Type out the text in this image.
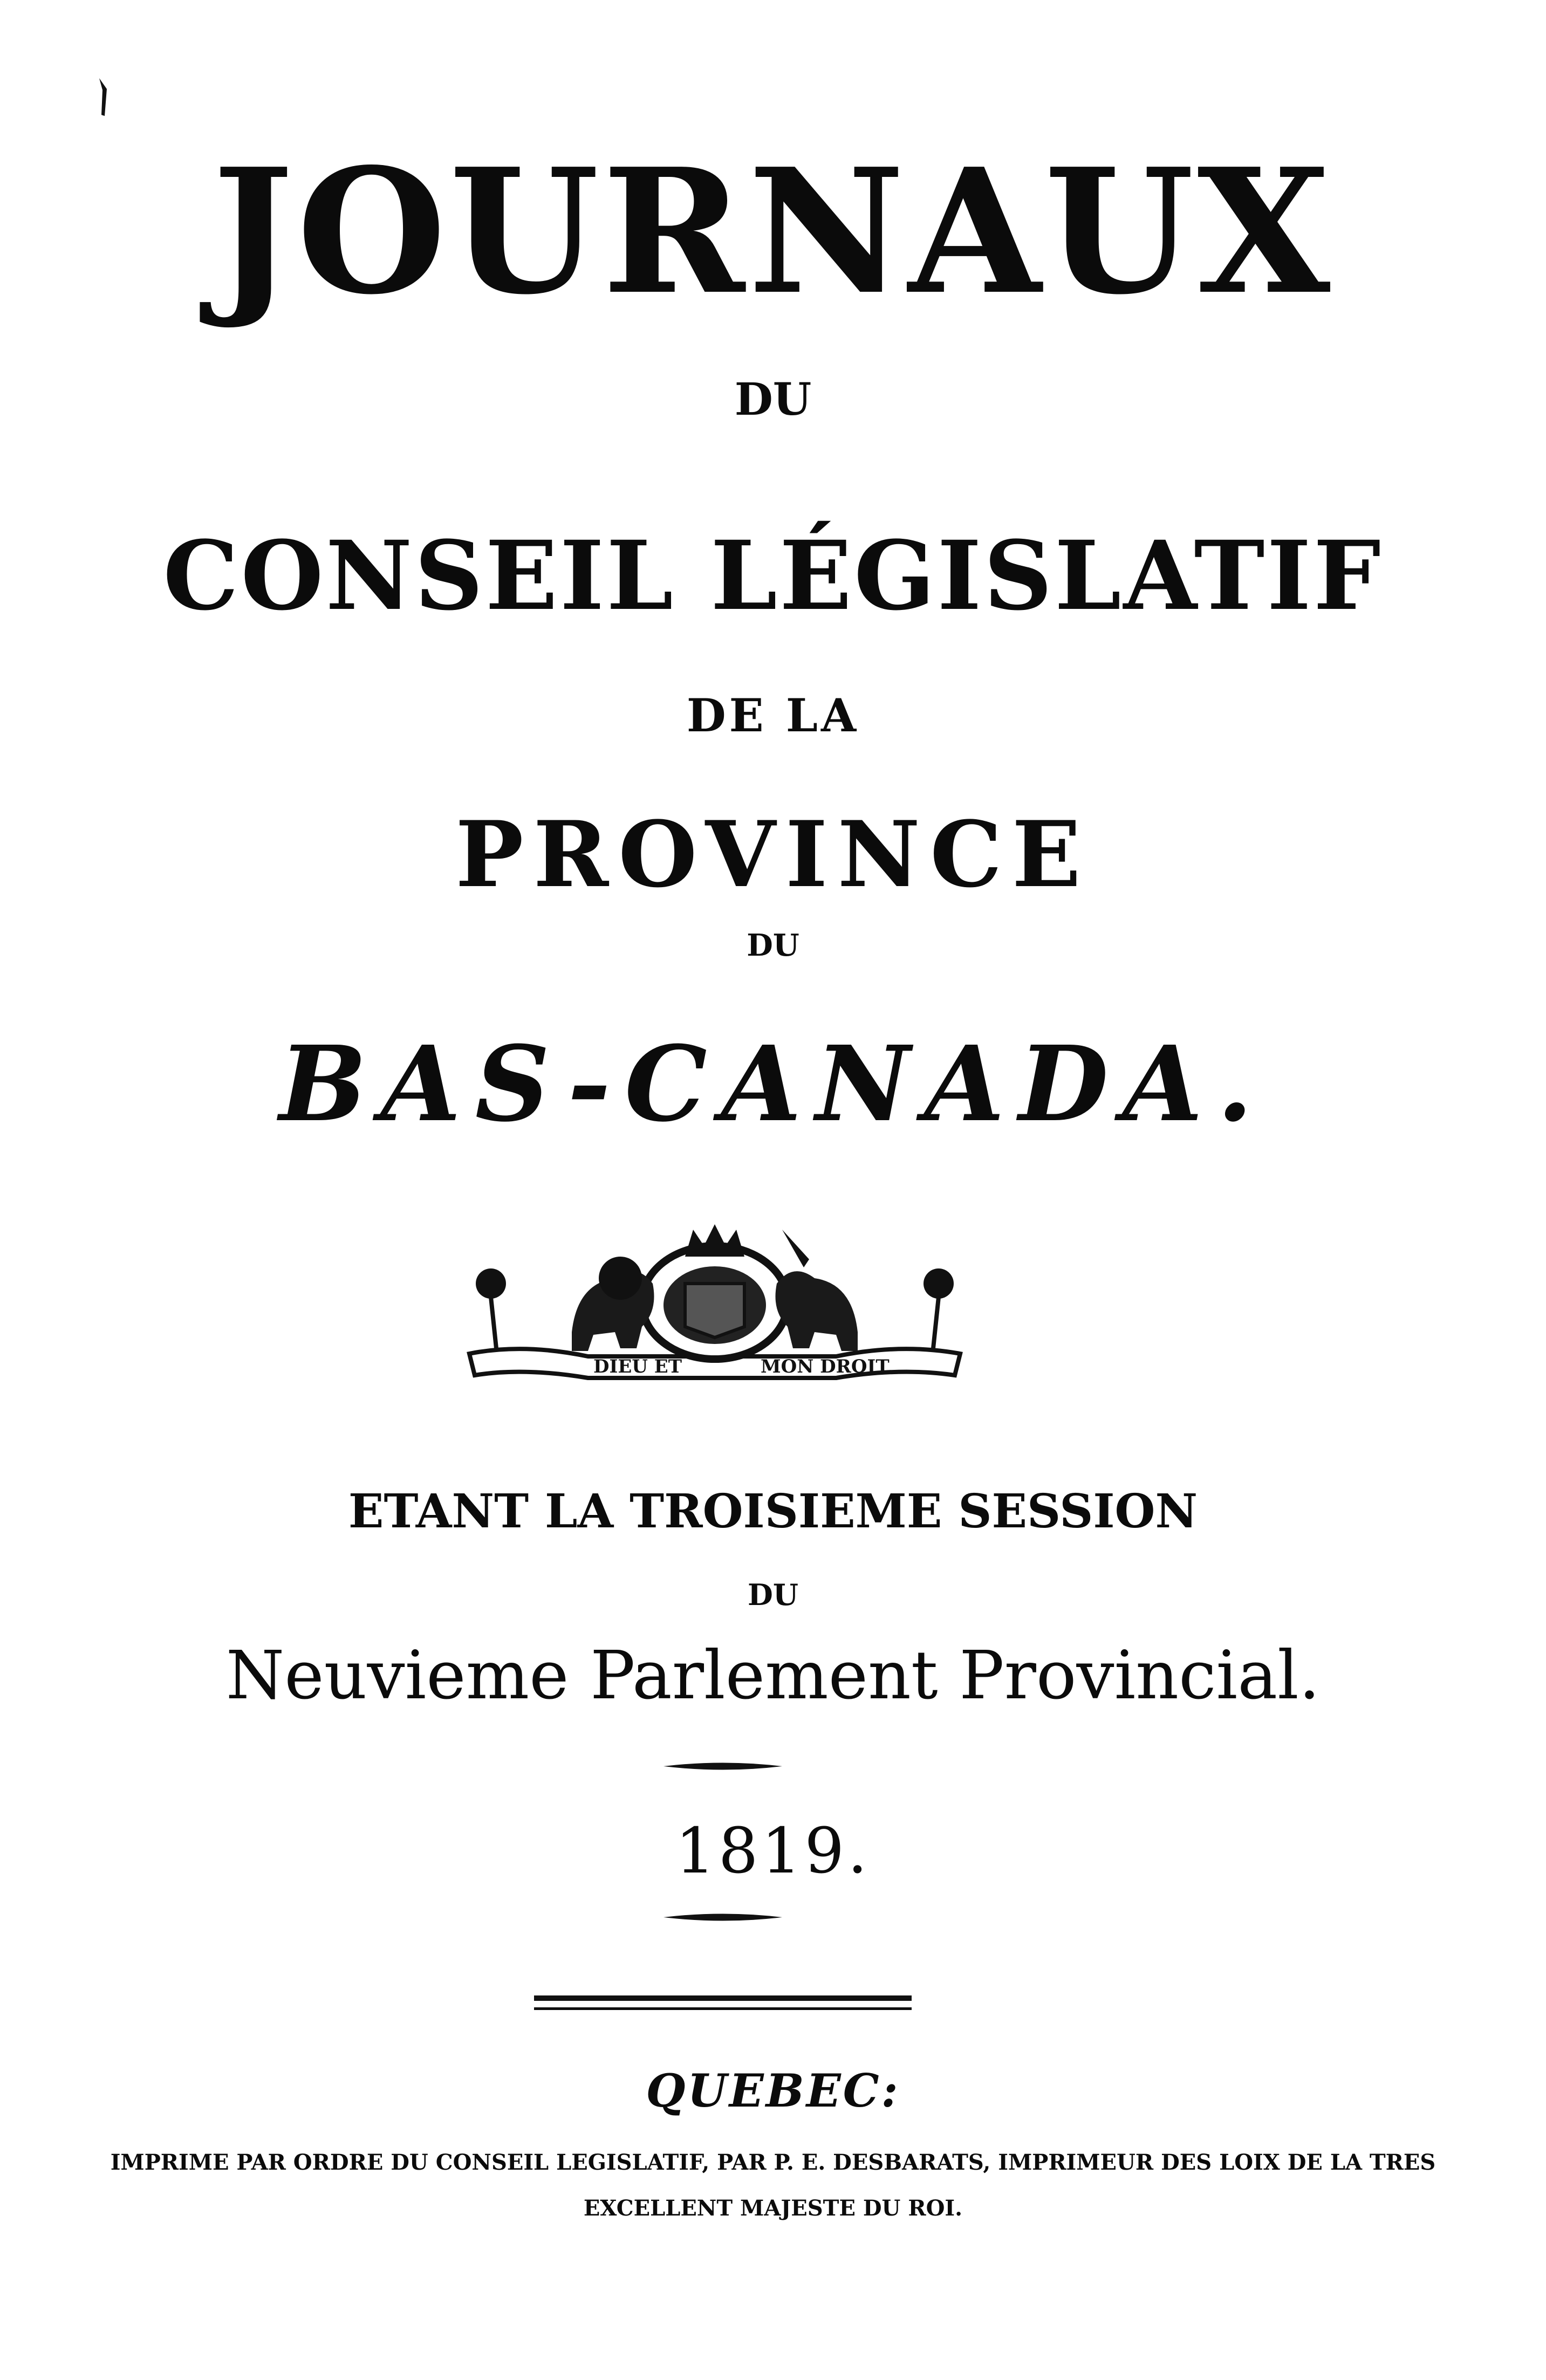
JOURNAUX
DU
CONSEIL LÉGISLATIF
DE LA
PROVINCE
DU
BAS-CANADA.
DIEU ET	MON DROIT
ETANT LA TROISIEME SESSION
DU
Neuvieme Parlement Provincial.
1819.
QUEBEC:
IMPRIME PAR ORDRE DU CONSEIL LEGISLATIF, PAR P. E. DESBARATS, IMPRIMEUR DES LOIX DE LA TRES
EXCELLENT MAJESTE DU ROI.
